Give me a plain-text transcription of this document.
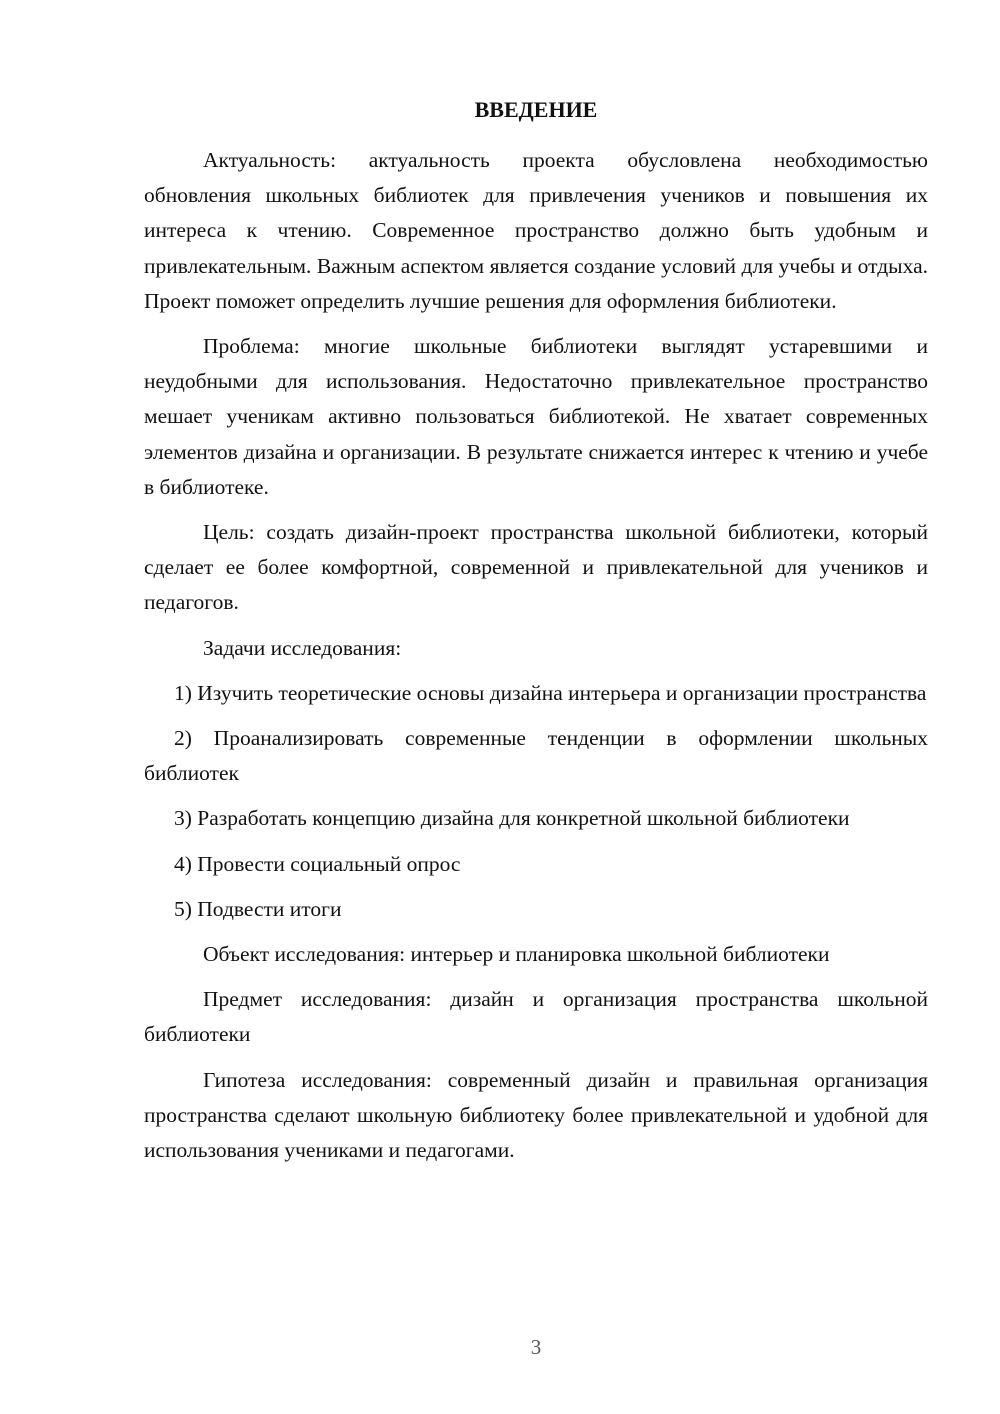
ВВЕДЕНИЕ

Актуальность: актуальность проекта обусловлена необходимостью обновления школьных библиотек для привлечения учеников и повышения их интереса к чтению. Современное пространство должно быть удобным и привлекательным. Важным аспектом является создание условий для учебы и отдыха. Проект поможет определить лучшие решения для оформления библиотеки.

Проблема: многие школьные библиотеки выглядят устаревшими и неудобными для использования. Недостаточно привлекательное пространство мешает ученикам активно пользоваться библиотекой. Не хватает современных элементов дизайна и организации. В результате снижается интерес к чтению и учебе в библиотеке.

Цель: создать дизайн-проект пространства школьной библиотеки, который сделает ее более комфортной, современной и привлекательной для учеников и педагогов.

Задачи исследования:

1) Изучить теоретические основы дизайна интерьера и организации пространства

2) Проанализировать современные тенденции в оформлении школьных библиотек

3) Разработать концепцию дизайна для конкретной школьной библиотеки

4) Провести социальный опрос

5) Подвести итоги

Объект исследования: интерьер и планировка школьной библиотеки

Предмет исследования: дизайн и организация пространства школьной библиотеки

Гипотеза исследования: современный дизайн и правильная организация пространства сделают школьную библиотеку более привлекательной и удобной для использования учениками и педагогами.

3
